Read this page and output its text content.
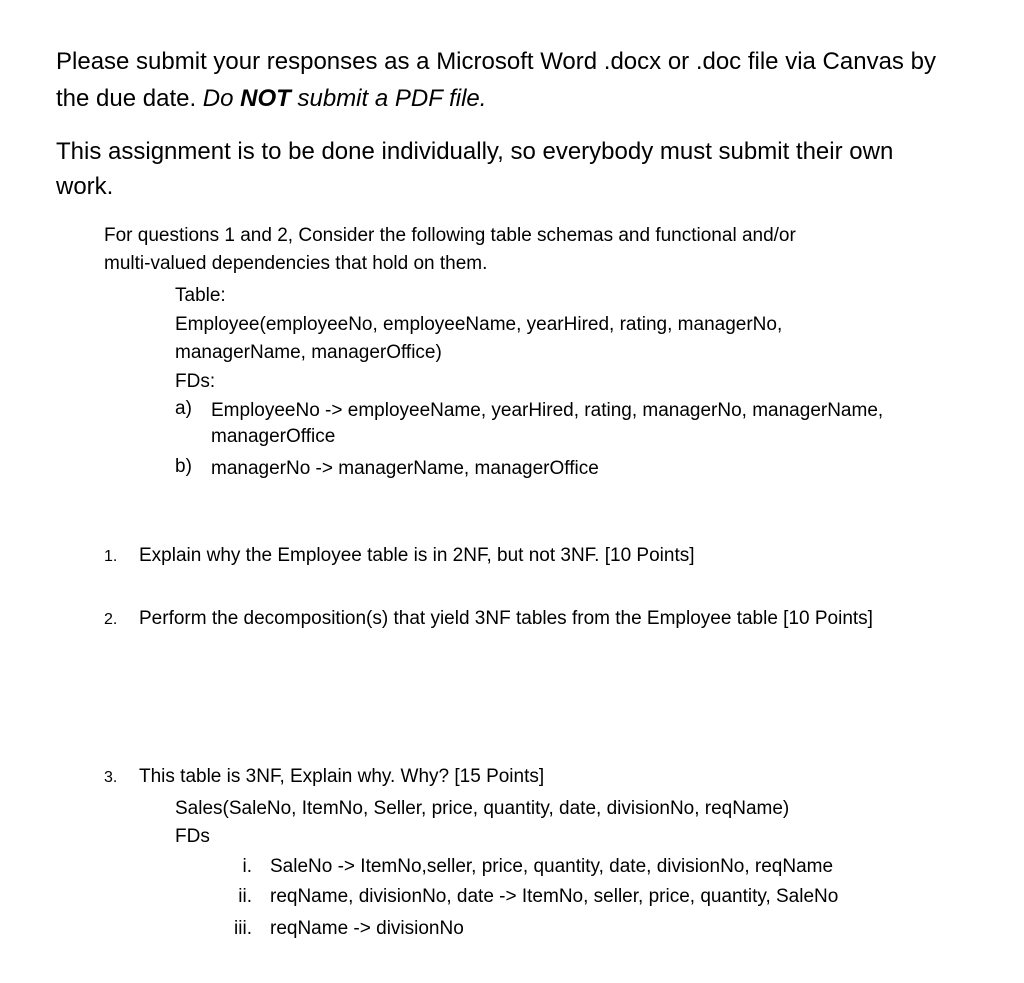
Please submit your responses as a Microsoft Word .docx or .doc file via Canvas by
the due date. Do NOT submit a PDF file.
This assignment is to be done individually, so everybody must submit their own
work.
For questions 1 and 2, Consider the following table schemas and functional and/or
multi-valued dependencies that hold on them.
Table:
Employee(employeeNo, employeeName, yearHired, rating, managerNo,
managerName, managerOffice)
FDs:
a) EmployeeNo -> employeeName, yearHired, rating, managerNo, managerName,
managerOffice
b) managerNo -> managerName, managerOffice
1. Explain why the Employee table is in 2NF, but not 3NF. [10 Points]
2. Perform the decomposition(s) that yield 3NF tables from the Employee table [10 Points]
3. This table is 3NF, Explain why. Why? [15 Points]
Sales(SaleNo, ItemNo, Seller, price, quantity, date, divisionNo, reqName)
FDs
i. SaleNo -> ItemNo,seller, price, quantity, date, divisionNo, reqName
ii. reqName, divisionNo, date -> ItemNo, seller, price, quantity, SaleNo
iii. reqName -> divisionNo
